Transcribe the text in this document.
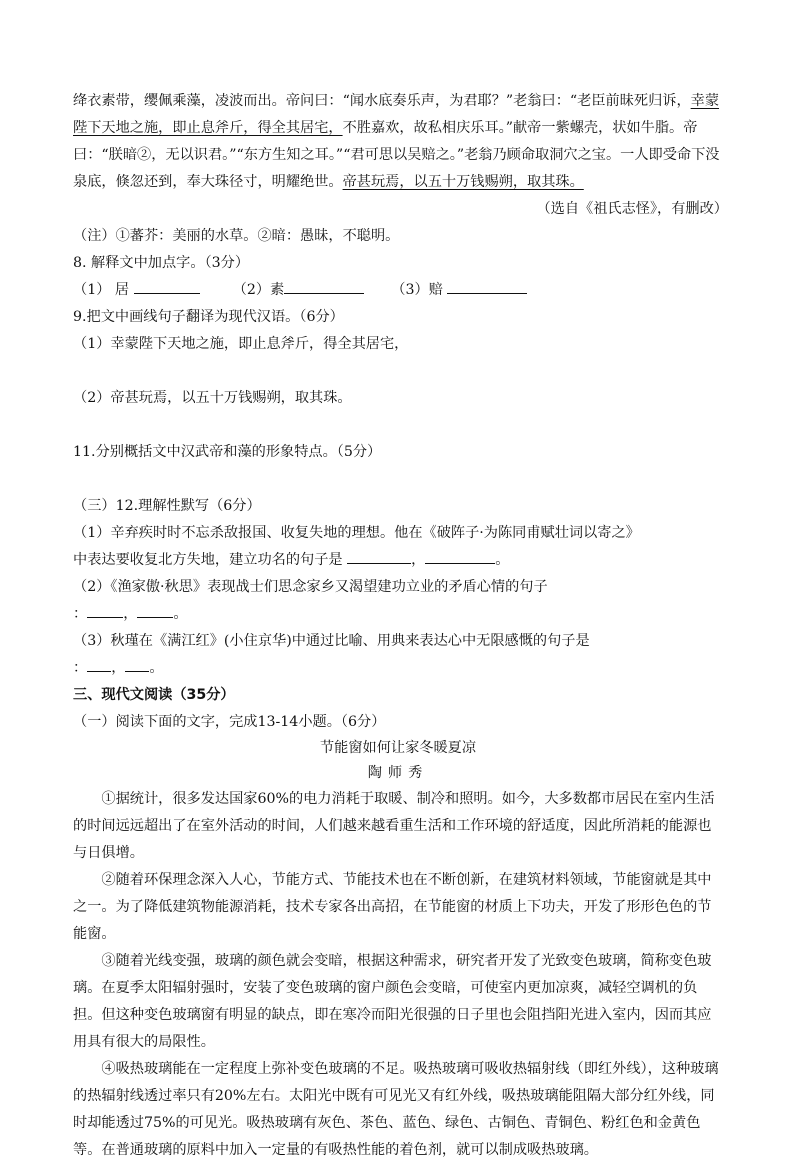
绛衣素带，缨佩乘藻，凌波而出。帝问曰：“闻水底奏乐声，为君耶？”老翁曰：“老臣前昧死归诉，幸蒙陛下天地之施，即止息斧斤，得全其居宅，不胜嘉欢，故私相庆乐耳。”献帝一紫螺壳，状如牛脂。帝曰：“朕暗②，无以识君。”“东方生知之耳。”“君可思以吴赔之。”老翁乃顾命取洞穴之宝。一人即受命下没泉底，倏忽还到，奉大珠径寸，明耀绝世。帝甚玩焉，以五十万钱赐朔，取其珠。

（选自《祖氏志怪》，有删改）

（注）①蕃芥：美丽的水草。②暗：愚昧，不聪明。

8. 解释文中加点字。（3分）

（1） 居	（2）素	（3）赔

9.把文中画线句子翻译为现代汉语。（6分）

（1）幸蒙陛下天地之施，即止息斧斤，得全其居宅，

（2）帝甚玩焉，以五十万钱赐朔，取其珠。

11.分别概括文中汉武帝和藻的形象特点。（5分）

（三）12.理解性默写（6分）

（1）辛弃疾时时不忘杀敌报国、收复失地的理想。他在《破阵子·为陈同甫赋壮词以寄之》

中表达要收复北方失地，建立功名的句子是	，	。

（2）《渔家傲·秋思》表现战士们思念家乡又渴望建功立业的矛盾心情的句子

：	，	。

（3）秋瑾在《满江红》(小住京华)中通过比喻、用典来表达心中无限感慨的句子是

： ， 。

三、现代文阅读（35分）

（一）阅读下面的文字，完成13-14小题。（6分）

节能窗如何让家冬暖夏凉

陶师秀

①据统计，很多发达国家60%的电力消耗于取暖、制冷和照明。如今，大多数都市居民在室内生活的时间远远超出了在室外活动的时间，人们越来越看重生活和工作环境的舒适度，因此所消耗的能源也与日俱增。

②随着环保理念深入人心，节能方式、节能技术也在不断创新，在建筑材料领域，节能窗就是其中之一。为了降低建筑物能源消耗，技术专家各出高招，在节能窗的材质上下功夫，开发了形形色色的节能窗。

③随着光线变强，玻璃的颜色就会变暗，根据这种需求，研究者开发了光致变色玻璃，简称变色玻璃。在夏季太阳辐射强时，安装了变色玻璃的窗户颜色会变暗，可使室内更加凉爽，减轻空调机的负担。但这种变色玻璃窗有明显的缺点，即在寒冷而阳光很强的日子里也会阻挡阳光进入室内，因而其应用具有很大的局限性。

④吸热玻璃能在一定程度上弥补变色玻璃的不足。吸热玻璃可吸收热辐射线（即红外线），这种玻璃的热辐射线透过率只有20%左右。太阳光中既有可见光又有红外线，吸热玻璃能阻隔大部分红外线，同时却能透过75%的可见光。吸热玻璃有灰色、茶色、蓝色、绿色、古铜色、青铜色、粉红色和金黄色等。在普通玻璃的原料中加入一定量的有吸热性能的着色剂，就可以制成吸热玻璃。
